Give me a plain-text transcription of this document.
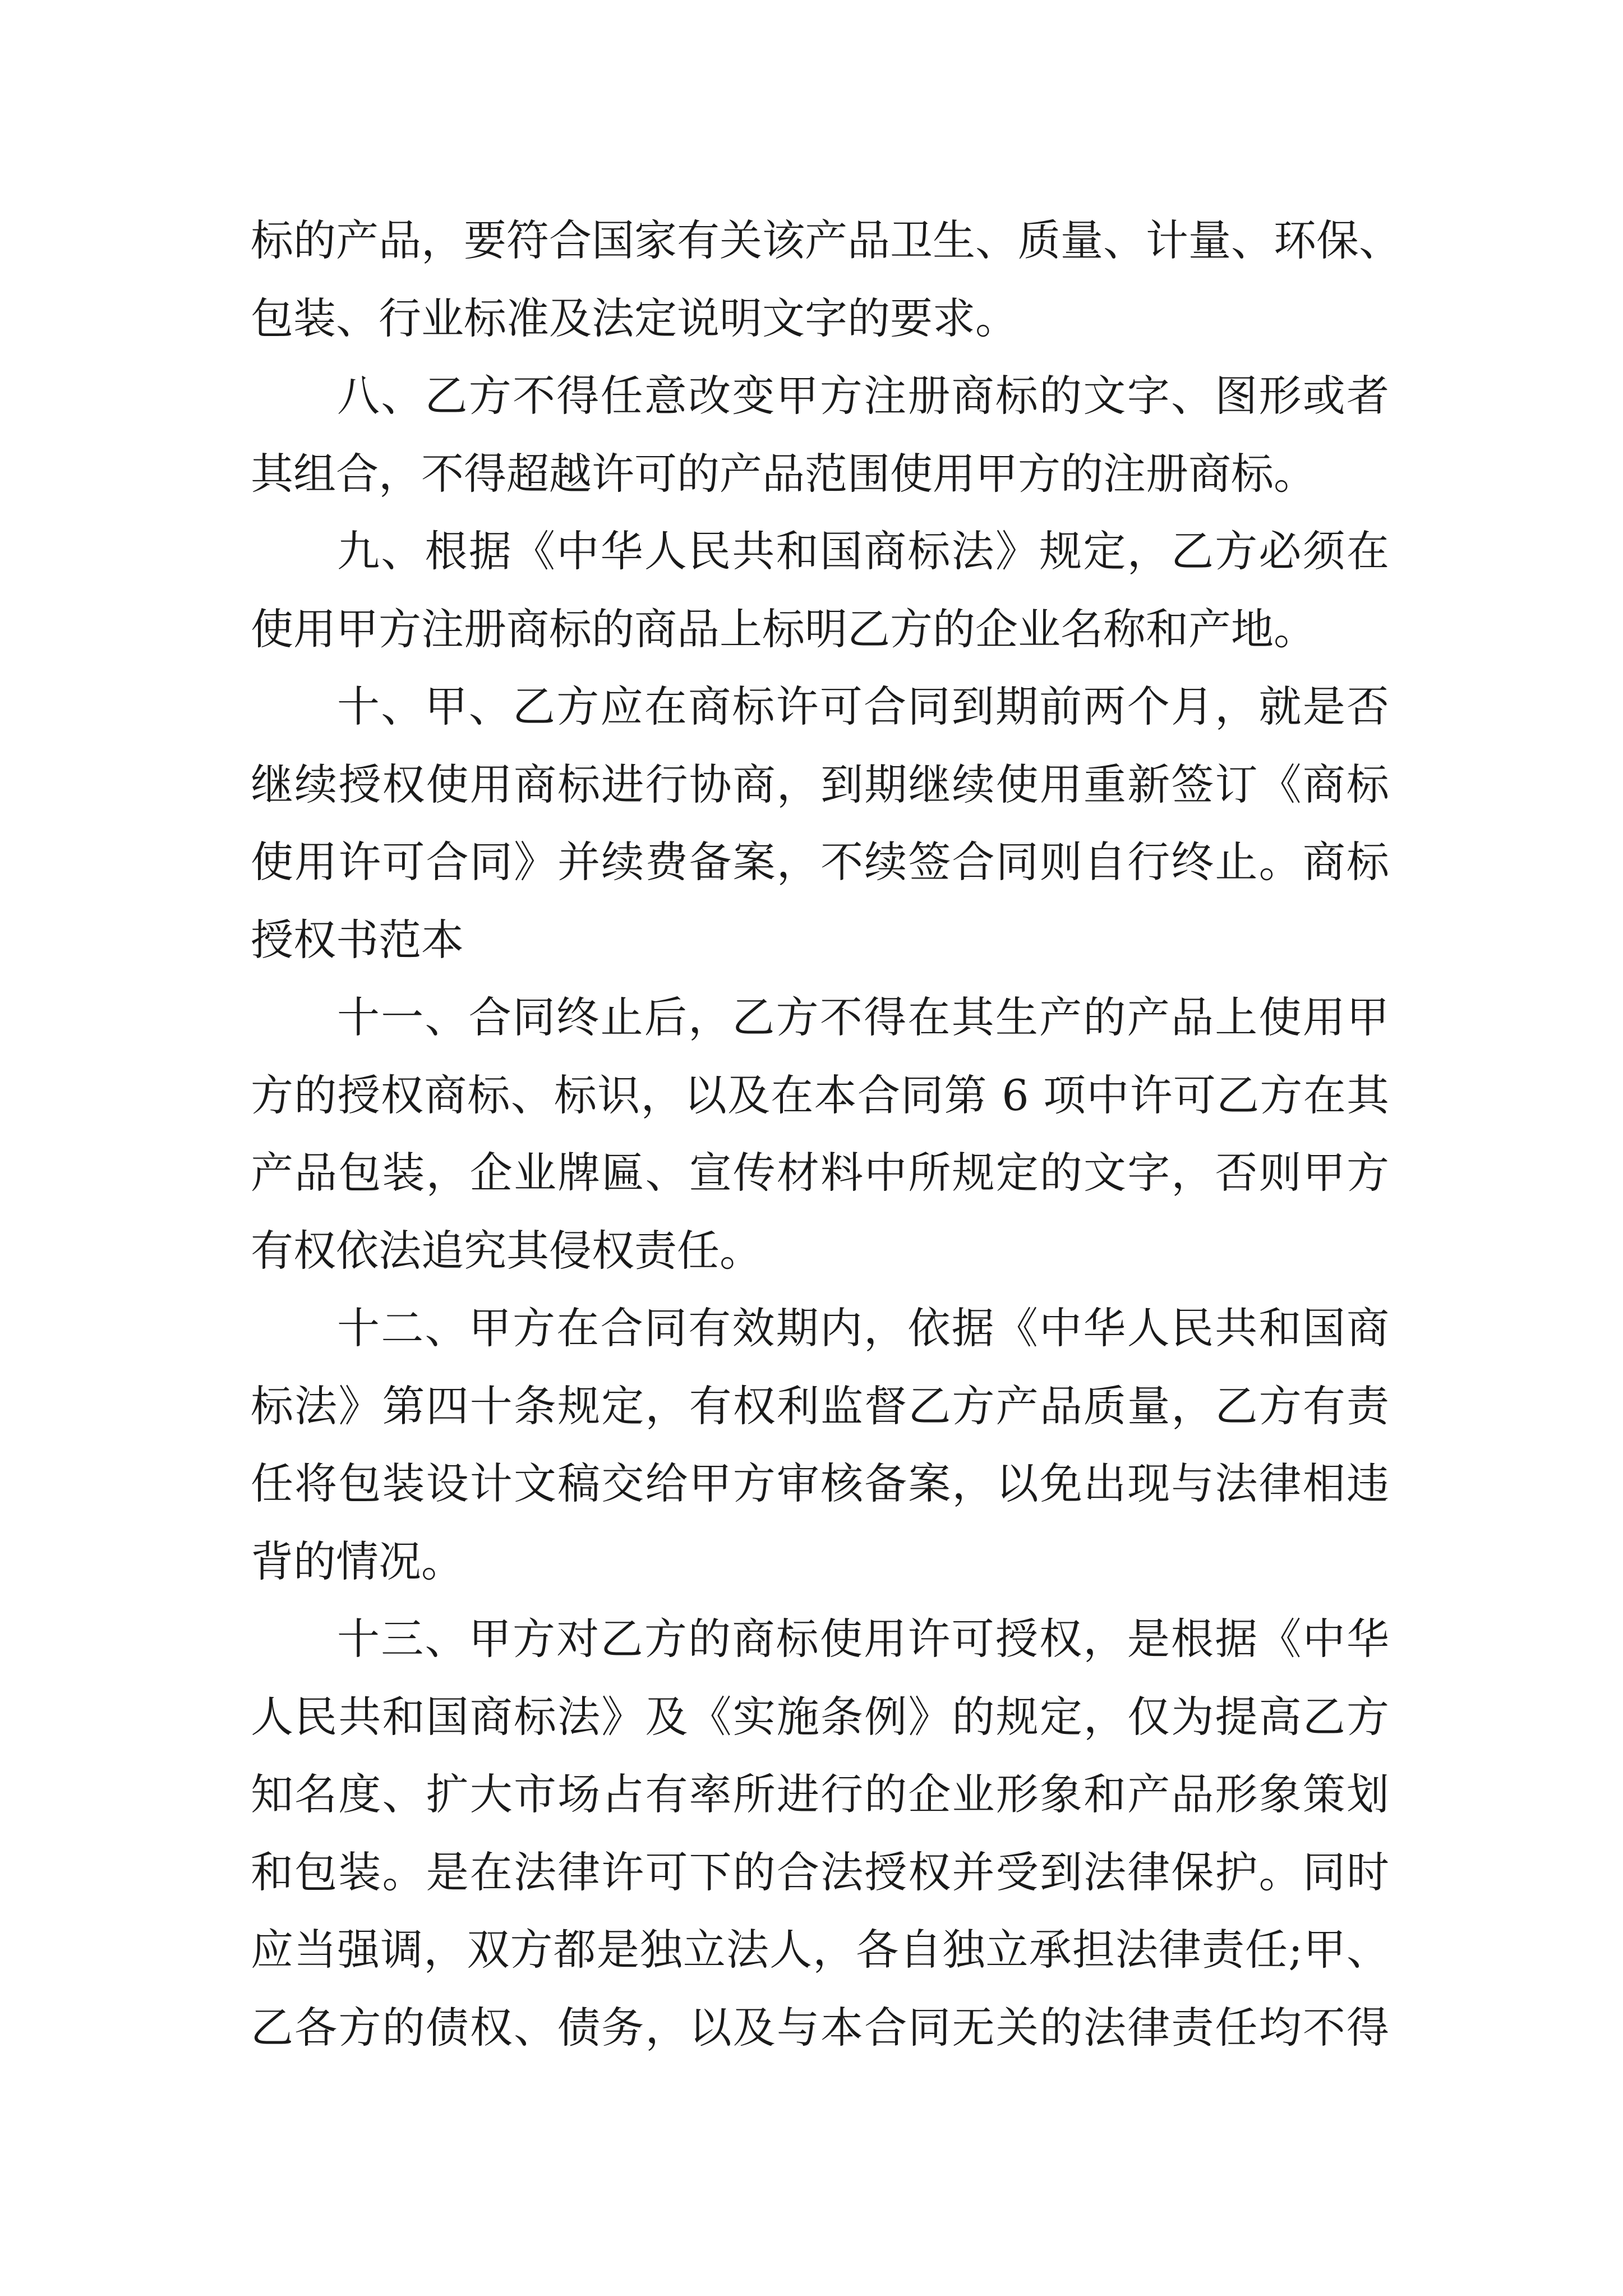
标的产品，要符合国家有关该产品卫生、质量、计量、环保、
包装、行业标准及法定说明文字的要求。
八、乙方不得任意改变甲方注册商标的文字、图形或者
其组合，不得超越许可的产品范围使用甲方的注册商标。
九、根据《中华人民共和国商标法》规定，乙方必须在
使用甲方注册商标的商品上标明乙方的企业名称和产地。
十、甲、乙方应在商标许可合同到期前两个月，就是否
继续授权使用商标进行协商，到期继续使用重新签订《商标
使用许可合同》并续费备案，不续签合同则自行终止。商标
授权书范本
十一、合同终止后，乙方不得在其生产的产品上使用甲
方的授权商标、标识，以及在本合同第 6 项中许可乙方在其
产品包装，企业牌匾、宣传材料中所规定的文字，否则甲方
有权依法追究其侵权责任。
十二、甲方在合同有效期内，依据《中华人民共和国商
标法》第四十条规定，有权利监督乙方产品质量，乙方有责
任将包装设计文稿交给甲方审核备案，以免出现与法律相违
背的情况。
十三、甲方对乙方的商标使用许可授权，是根据《中华
人民共和国商标法》及《实施条例》的规定，仅为提高乙方
知名度、扩大市场占有率所进行的企业形象和产品形象策划
和包装。是在法律许可下的合法授权并受到法律保护。同时
应当强调，双方都是独立法人，各自独立承担法律责任;甲、
乙各方的债权、债务，以及与本合同无关的法律责任均不得
